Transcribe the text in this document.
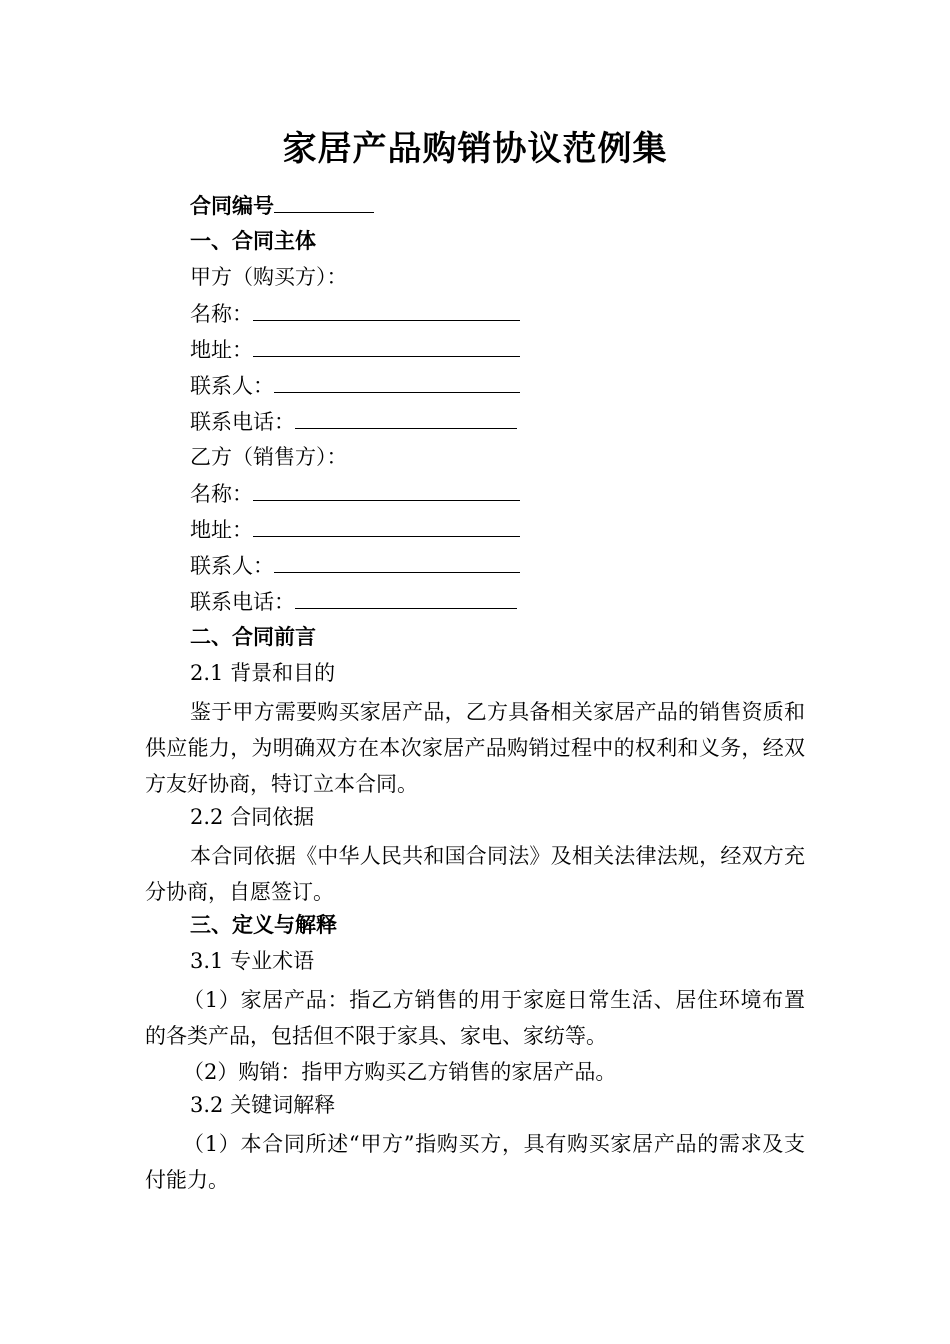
家居产品购销协议范例集
合同编号
一、合同主体
甲方（购买方）：
名称：
地址：
联系人：
联系电话：
乙方（销售方）：
名称：
地址：
联系人：
联系电话：
二、合同前言
2.1 背景和目的
鉴于甲方需要购买家居产品，乙方具备相关家居产品的销售资质和供应能力，为明确双方在本次家居产品购销过程中的权利和义务，经双方友好协商，特订立本合同。
2.2 合同依据
本合同依据《中华人民共和国合同法》及相关法律法规，经双方充分协商，自愿签订。
三、定义与解释
3.1 专业术语
（1）家居产品：指乙方销售的用于家庭日常生活、居住环境布置的各类产品，包括但不限于家具、家电、家纺等。
（2）购销：指甲方购买乙方销售的家居产品。
3.2 关键词解释
（1）本合同所述“甲方”指购买方，具有购买家居产品的需求及支付能力。
